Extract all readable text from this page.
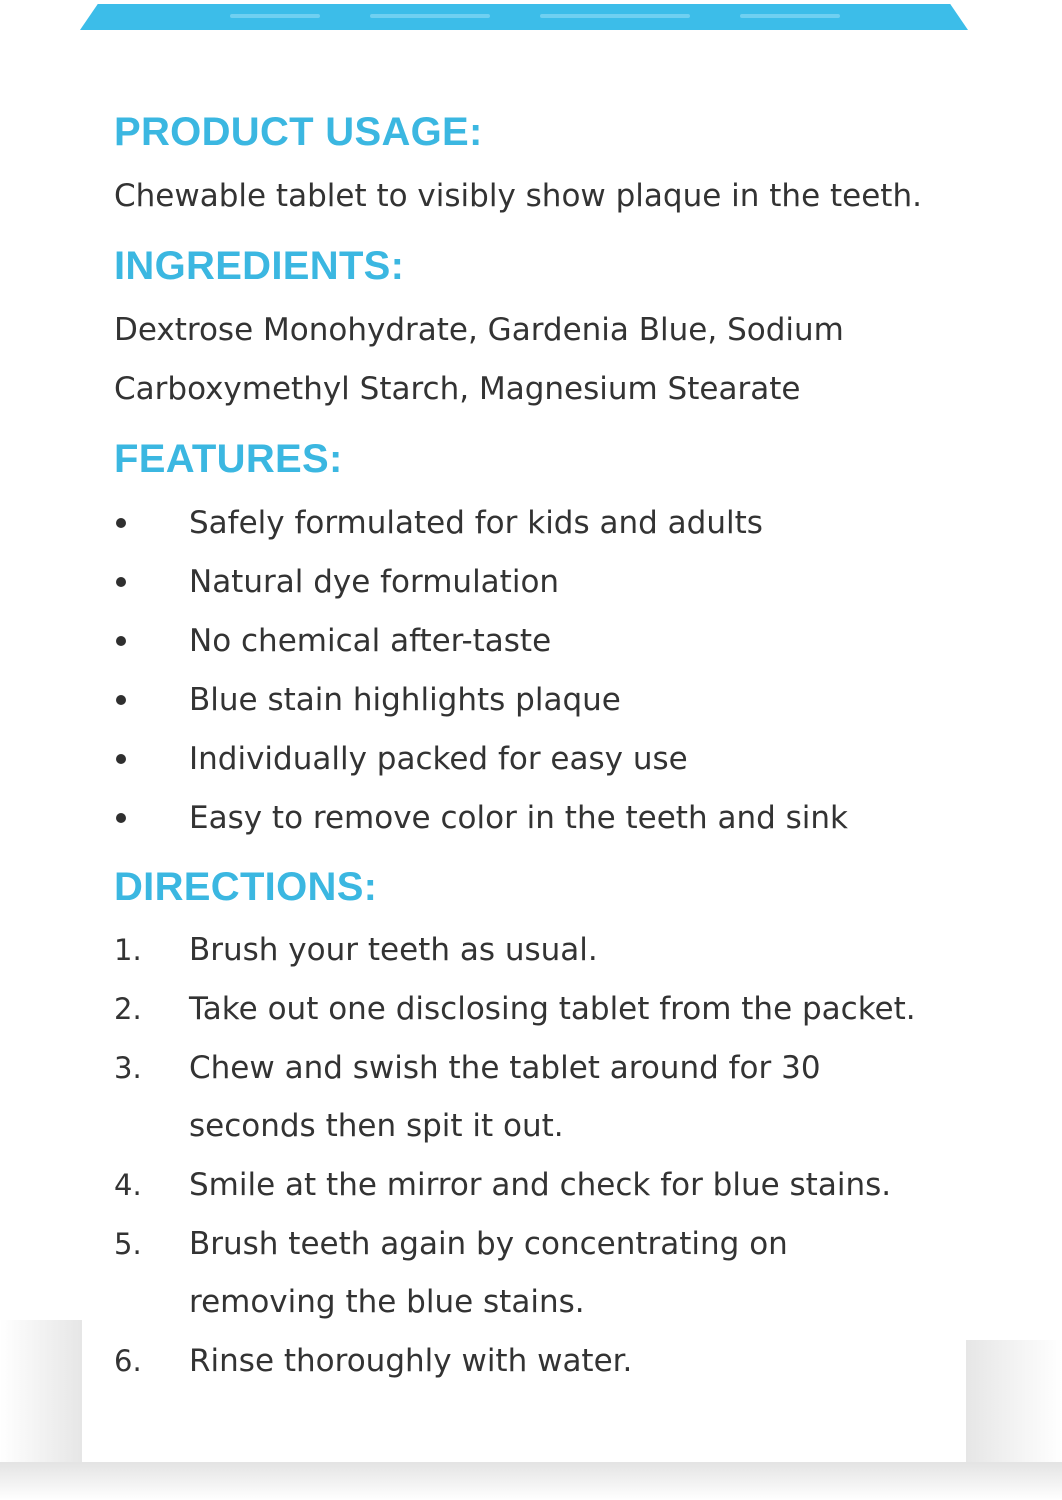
PRODUCT USAGE:

Chewable tablet to visibly show plaque in the teeth.

INGREDIENTS:

Dextrose Monohydrate, Gardenia Blue, Sodium

Carboxymethyl Starch, Magnesium Stearate

FEATURES:
Safely formulated for kids and adults
Natural dye formulation
No chemical after-taste
Blue stain highlights plaque
Individually packed for easy use
Easy to remove color in the teeth and sink
DIRECTIONS:
1. Brush your teeth as usual.
2. Take out one disclosing tablet from the packet.
3. Chew and swish the tablet around for 30
seconds then spit it out.
4. Smile at the mirror and check for blue stains.
5. Brush teeth again by concentrating on
removing the blue stains.
6. Rinse thoroughly with water.
